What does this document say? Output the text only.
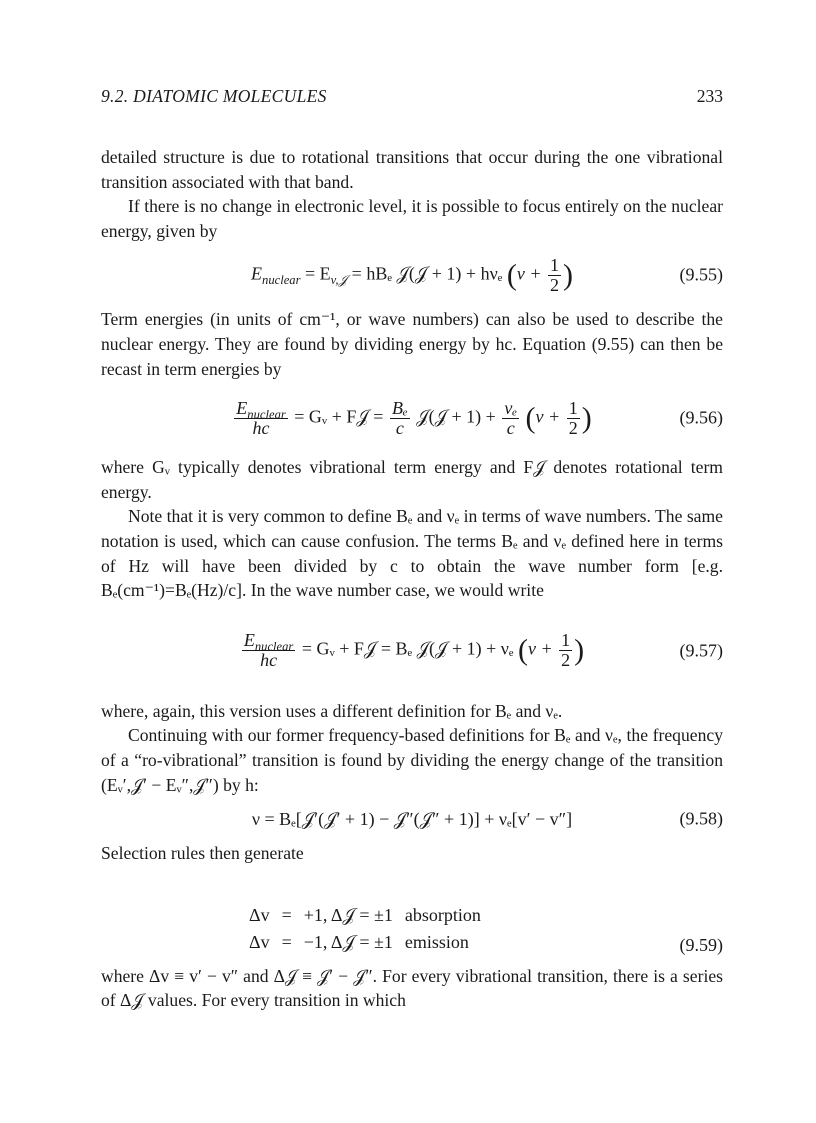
9.2. DIATOMIC MOLECULES	233

detailed structure is due to rotational transitions that occur during the one vibrational transition associated with that band.

If there is no change in electronic level, it is possible to focus entirely on the nuclear energy, given by

$E_{nuclear} = E_{v,𝒥} = hB_e$ 𝒥(𝒥 + 1) + hνₑ ($v + \frac{1}{2}$ )	(9.55)

Term energies (in units of cm⁻¹, or wave numbers) can also be used to describe the nuclear energy. They are found by dividing energy by hc. Equation (9.55) can then be recast in term energies by

$\frac{E_{nuclear}}{hc}$ = Gᵥ + F𝒥 = $\frac{\text{Bₑ}}{c}$ 𝒥(𝒥 + $1) + \frac{\text{νₑ}}{c} (v + \frac{1}{2}$ )	(9.56)

where Gᵥ typically denotes vibrational term energy and F𝒥 denotes rotational term energy.

Note that it is very common to define Bₑ and νₑ in terms of wave numbers. The same notation is used, which can cause confusion. The terms Bₑ and νₑ defined here in terms of Hz will have been divided by c to obtain the wave number form [e.g. Bₑ(cm⁻¹)=Bₑ(Hz)/c]. In the wave number case, we would write

$\frac{E_{nuclear}}{hc}$ = Gᵥ + F𝒥 = Bₑ 𝒥(𝒥 + 1) + νₑ ($v + \frac{1}{2}$ )	(9.57)

where, again, this version uses a different definition for Bₑ and νₑ.

Continuing with our former frequency-based definitions for Bₑ and νₑ, the frequency of a “ro-vibrational” transition is found by dividing the energy change of the transition (Eᵥ′,𝒥′ − Eᵥ″,𝒥″) by h:

ν = Bₑ[𝒥′(𝒥′ + 1) − 𝒥″(𝒥″ + 1)] + νₑ[v′ − v″]	(9.58)

Selection rules then generate

Δv	=	+1, Δ𝒥 = ±1	absorption
Δv	=	−1, Δ𝒥 = ±1	emission	(9.59)

where Δv ≡ v′ − v″ and Δ𝒥 ≡ 𝒥′ − 𝒥″. For every vibrational transition, there is a series of Δ𝒥 values. For every transition in which
